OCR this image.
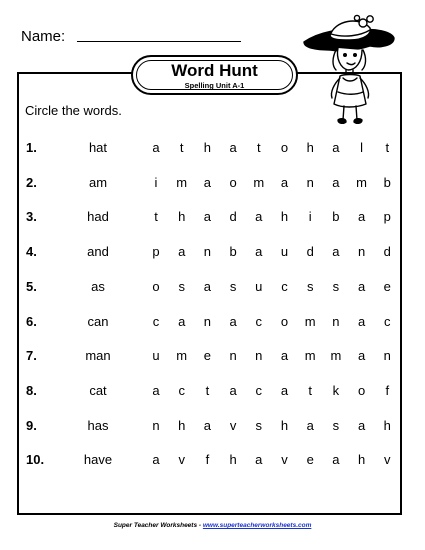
Name:
Word Hunt
Spelling Unit A-1
Circle the words.
1.	hat	a	t	h a	t	o h a	l	t
2.	am	i	m a o m a n a m b
3.	had	t	h a d a h	i	b a p
4.	and	p a n b a u d a n d
5.	as	o s a s u c s s a e
6.	can	c a n a c o m n a c
7.	man	u m e n n a m m a n
8.	cat	a c	t	a c a	t	k o	f
9.	has	n h a v s h a s a h
10.	have	a v	f	h a v e a h v
Super Teacher Worksheets - www.superteacherworksheets.com
